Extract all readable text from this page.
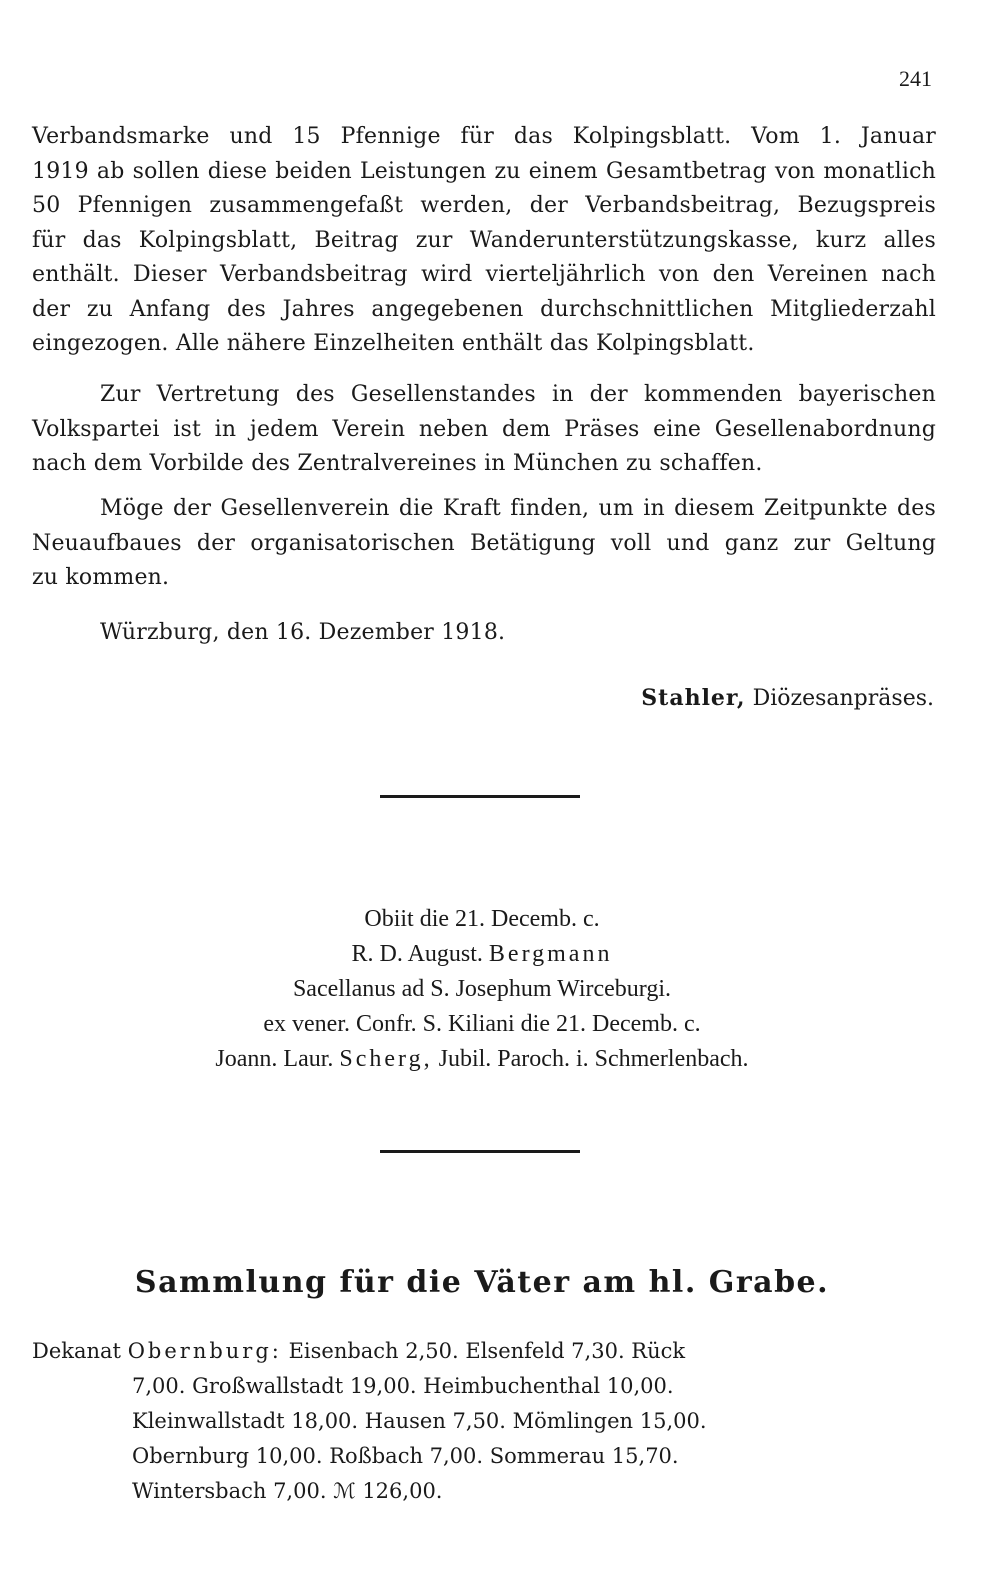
241
Verbandsmarke und 15 Pfennige für das Kolpingsblatt. Vom 1. Januar
1919 ab sollen diese beiden Leistungen zu einem Gesamtbetrag von monatlich
50 Pfennigen zusammengefaßt werden, der Verbandsbeitrag, Bezugspreis
für das Kolpingsblatt, Beitrag zur Wanderunterstützungskasse, kurz alles
enthält. Dieser Verbandsbeitrag wird vierteljährlich von den Vereinen nach
der zu Anfang des Jahres angegebenen durchschnittlichen Mitgliederzahl
eingezogen. Alle nähere Einzelheiten enthält das Kolpingsblatt.
Zur Vertretung des Gesellenstandes in der kommenden bayerischen
Volkspartei ist in jedem Verein neben dem Präses eine Gesellenabordnung
nach dem Vorbilde des Zentralvereines in München zu schaffen.
Möge der Gesellenverein die Kraft finden, um in diesem Zeitpunkte des
Neuaufbaues der organisatorischen Betätigung voll und ganz zur Geltung
zu kommen.
Würzburg, den 16. Dezember 1918.
Stahler, Diözesanpräses.
Obiit die 21. Decemb. c.
R. D. August. Bergmann
Sacellanus ad S. Josephum Wirceburgi.
ex vener. Confr. S. Kiliani die 21. Decemb. c.
Joann. Laur. Scherg, Jubil. Paroch. i. Schmerlenbach.
Sammlung für die Väter am hl. Grabe.
Dekanat Obernburg: Eisenbach 2,50. Elsenfeld 7,30. Rück
7,00. Großwallstadt 19,00. Heimbuchenthal 10,00.
Kleinwallstadt 18,00. Hausen 7,50. Mömlingen 15,00.
Obernburg 10,00. Roßbach 7,00. Sommerau 15,70.
Wintersbach 7,00. ℳ 126,00.
